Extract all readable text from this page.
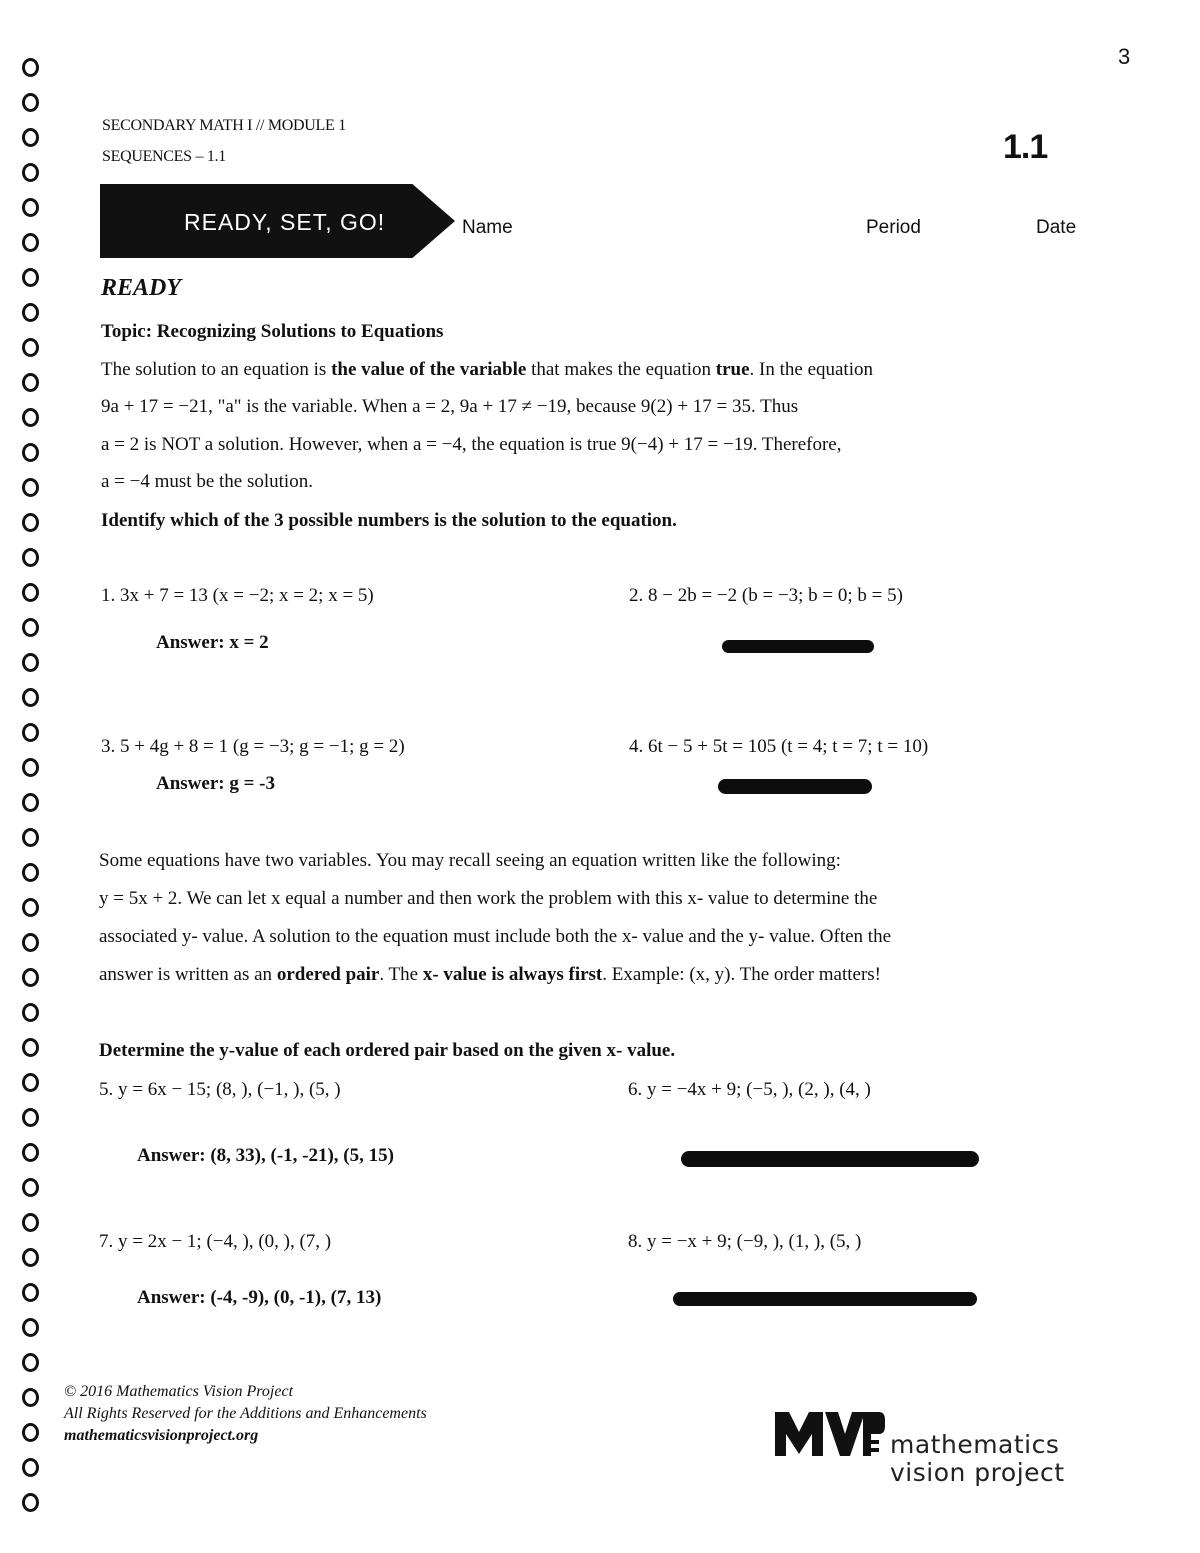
3
SECONDARY MATH I // MODULE 1
SEQUENCES – 1.1	1.1
READY, SET, GO!	Name	Period	Date
READY
Topic: Recognizing Solutions to Equations
The solution to an equation is the value of the variable that makes the equation true. In the equation
9a + 17 = −21, "a" is the variable. When a = 2, 9a + 17 ≠ −19, because 9(2) + 17 = 35. Thus
a = 2 is NOT a solution. However, when a = −4, the equation is true 9(−4) + 17 = −19. Therefore,
a = −4 must be the solution.
Identify which of the 3 possible numbers is the solution to the equation.
1. 3x + 7 = 13 (x = −2; x = 2; x = 5)
Answer: x = 2
2. 8 − 2b = −2 (b = −3; b = 0; b = 5)
3. 5 + 4g + 8 = 1 (g = −3; g = −1; g = 2)
Answer: g = -3
4. 6t − 5 + 5t = 105 (t = 4; t = 7; t = 10)
Some equations have two variables. You may recall seeing an equation written like the following:
y = 5x + 2. We can let x equal a number and then work the problem with this x- value to determine the
associated y- value. A solution to the equation must include both the x- value and the y- value. Often the
answer is written as an ordered pair. The x- value is always first. Example: (x, y). The order matters!
Determine the y-value of each ordered pair based on the given x- value.
5. y = 6x − 15; (8, ), (−1, ), (5, )
Answer: (8, 33), (-1, -21), (5, 15)
6. y = −4x + 9; (−5, ), (2, ), (4, )
7. y = 2x − 1; (−4, ), (0, ), (7, )
Answer: (-4, -9), (0, -1), (7, 13)
8. y = −x + 9; (−9, ), (1, ), (5, )
© 2016 Mathematics Vision Project
All Rights Reserved for the Additions and Enhancements
mathematicsvisionproject.org	mathematics
vision project
